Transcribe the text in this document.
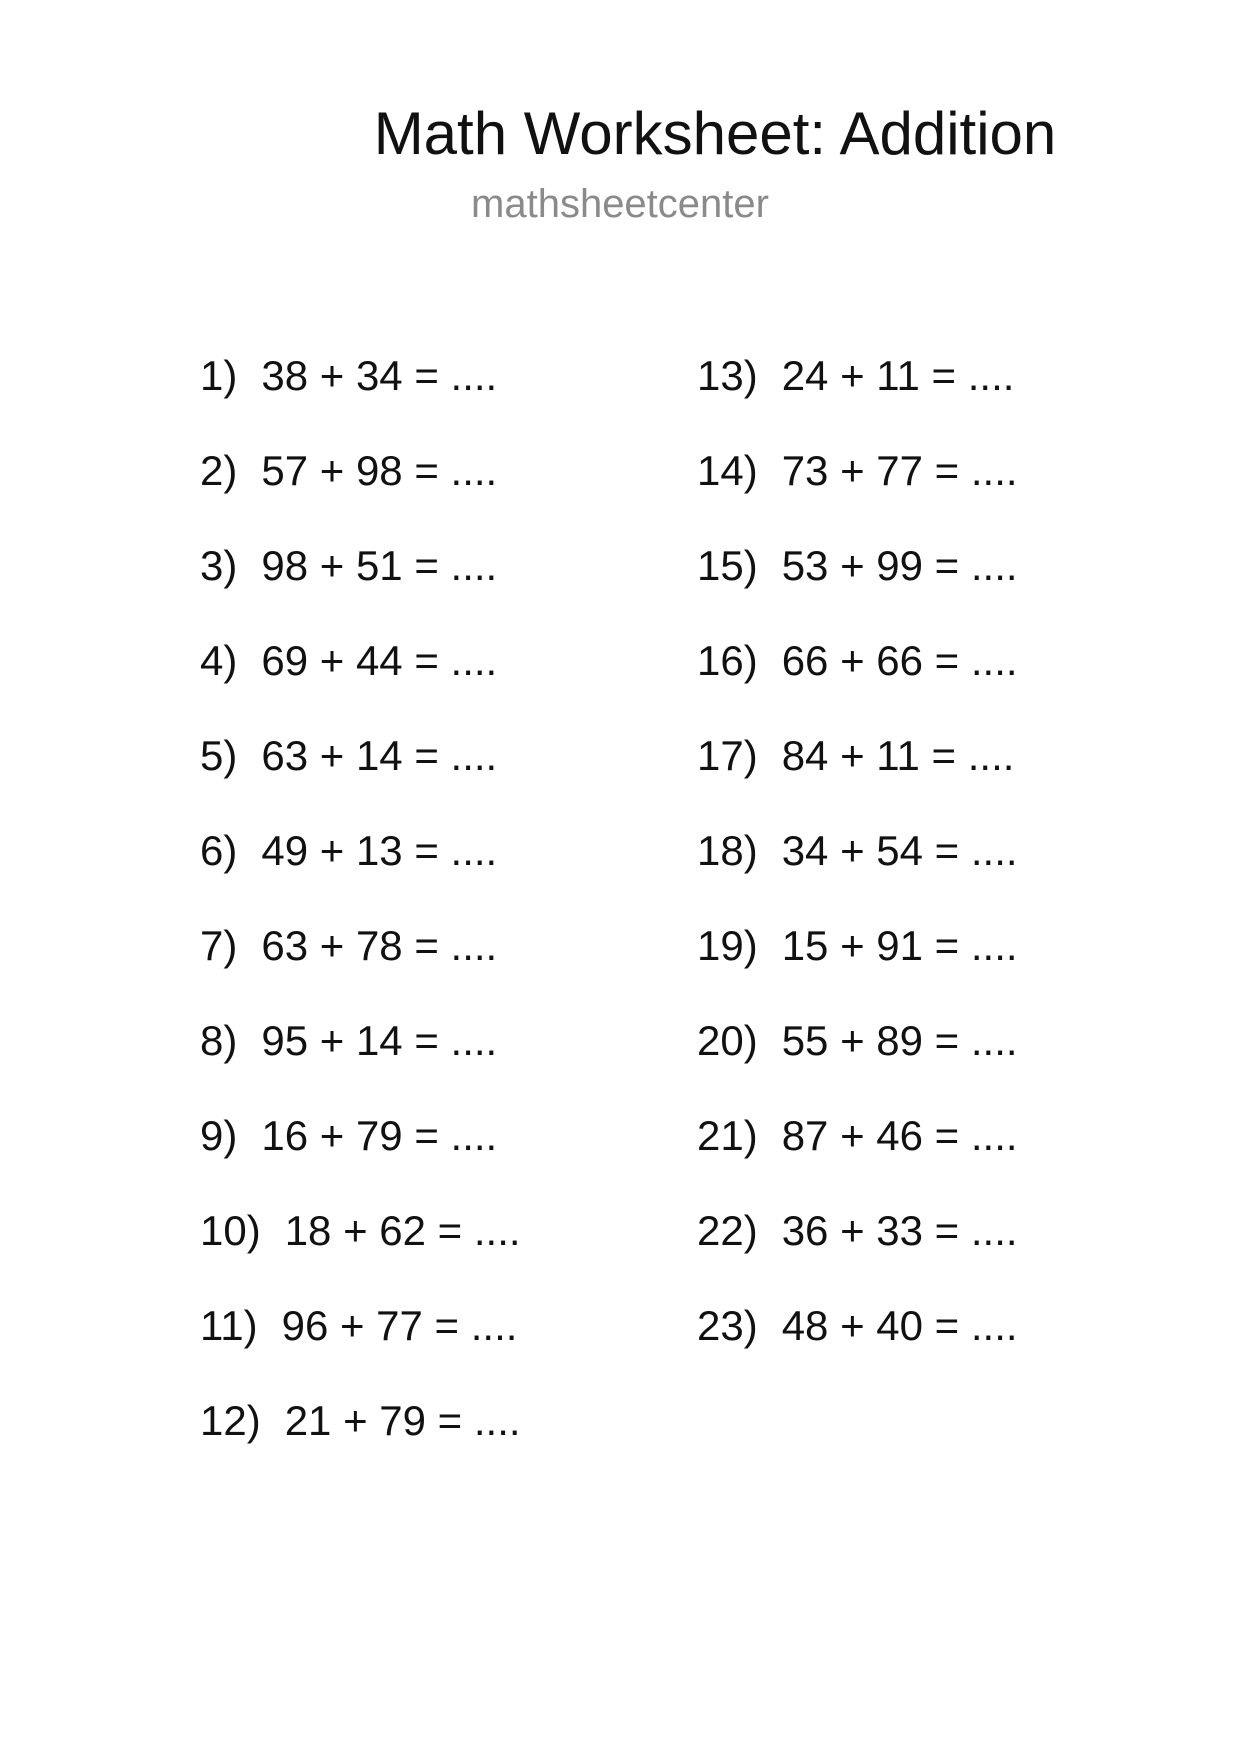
Math Worksheet: Addition
mathsheetcenter
1) 38 + 34 = ....
2) 57 + 98 = ....
3) 98 + 51 = ....
4) 69 + 44 = ....
5) 63 + 14 = ....
6) 49 + 13 = ....
7) 63 + 78 = ....
8) 95 + 14 = ....
9) 16 + 79 = ....
10) 18 + 62 = ....
11) 96 + 77 = ....
12) 21 + 79 = ....
13) 24 + 11 = ....
14) 73 + 77 = ....
15) 53 + 99 = ....
16) 66 + 66 = ....
17) 84 + 11 = ....
18) 34 + 54 = ....
19) 15 + 91 = ....
20) 55 + 89 = ....
21) 87 + 46 = ....
22) 36 + 33 = ....
23) 48 + 40 = ....
